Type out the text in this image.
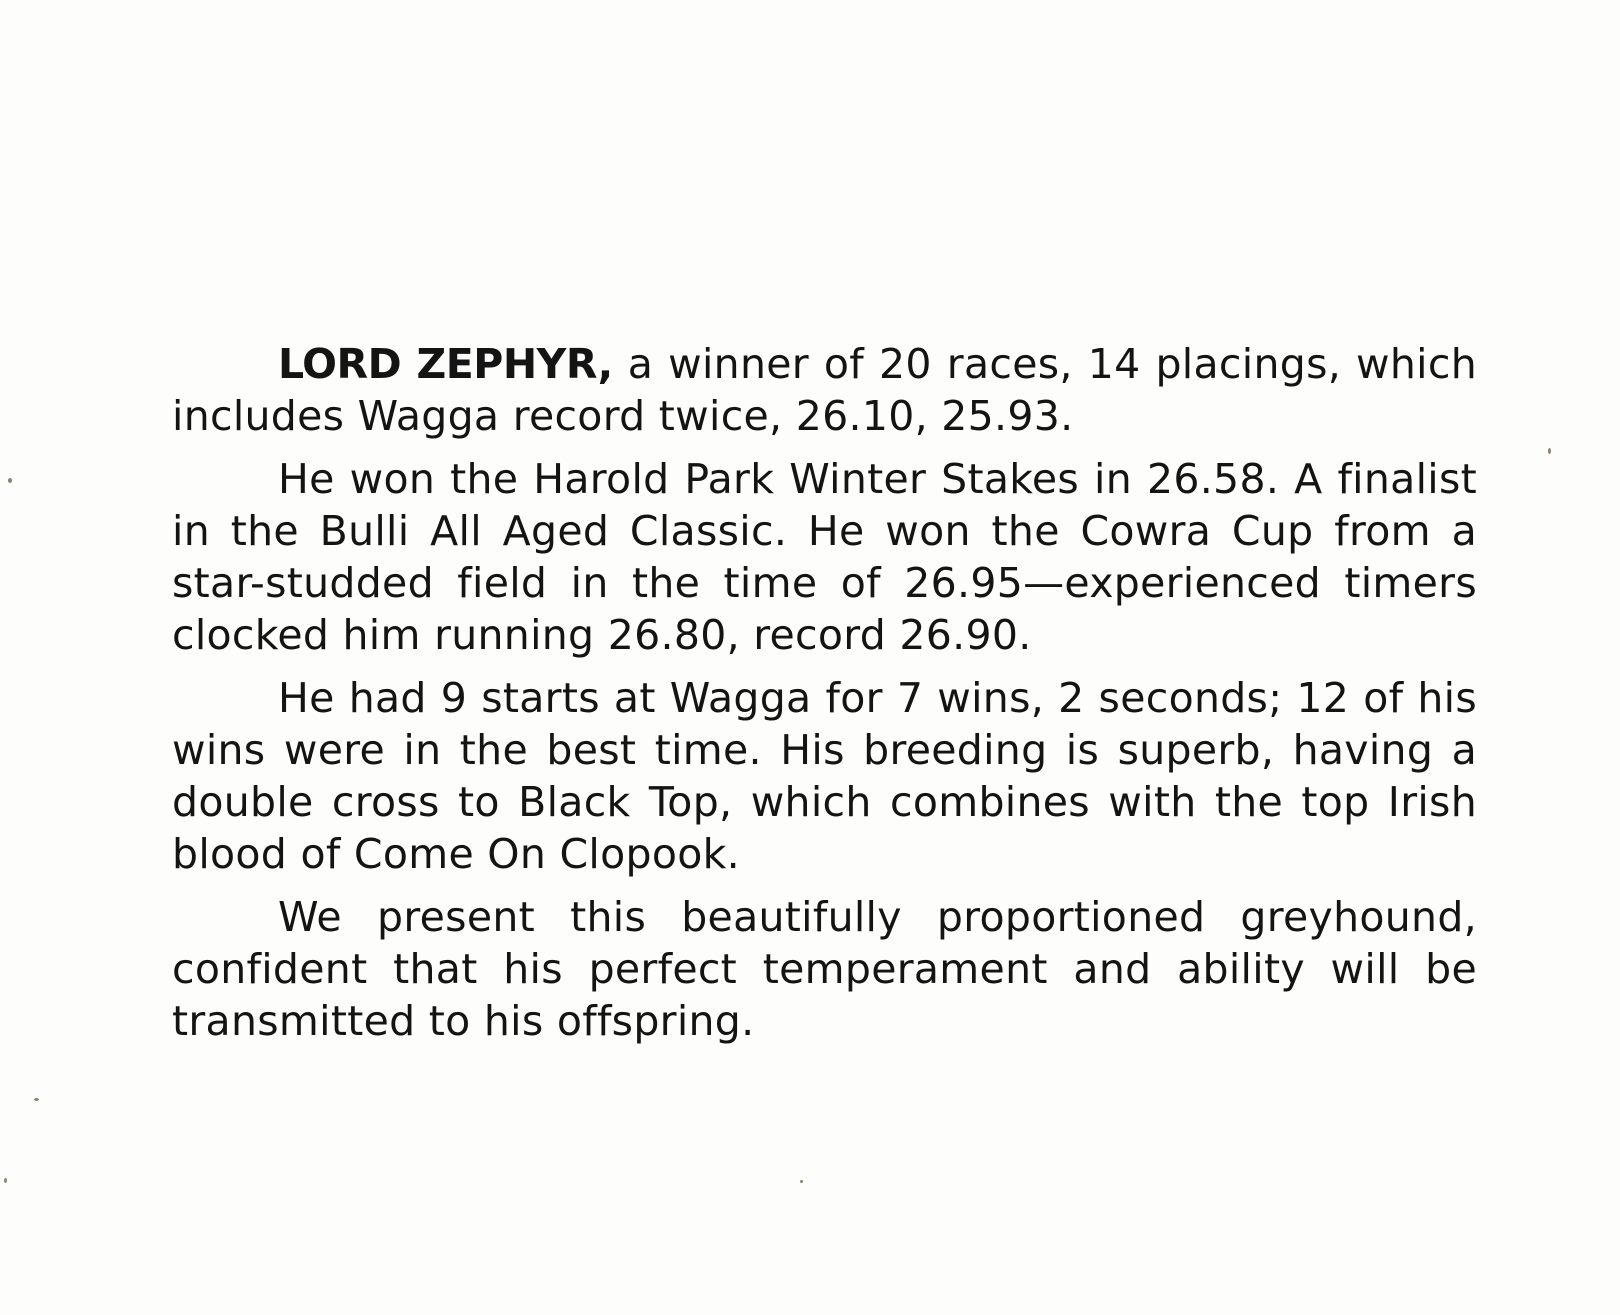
LORD ZEPHYR, a winner of 20 races, 14 placings, which includes Wagga record twice, 26.10, 25.93.

He won the Harold Park Winter Stakes in 26.58. A finalist in the Bulli All Aged Classic. He won the Cowra Cup from a star-studded field in the time of 26.95—experienced timers clocked him running 26.80, record 26.90.

He had 9 starts at Wagga for 7 wins, 2 seconds; 12 of his wins were in the best time. His breeding is superb, having a double cross to Black Top, which combines with the top Irish blood of Come On Clopook.

We present this beautifully proportioned greyhound, confident that his perfect temperament and ability will be transmitted to his offspring.
